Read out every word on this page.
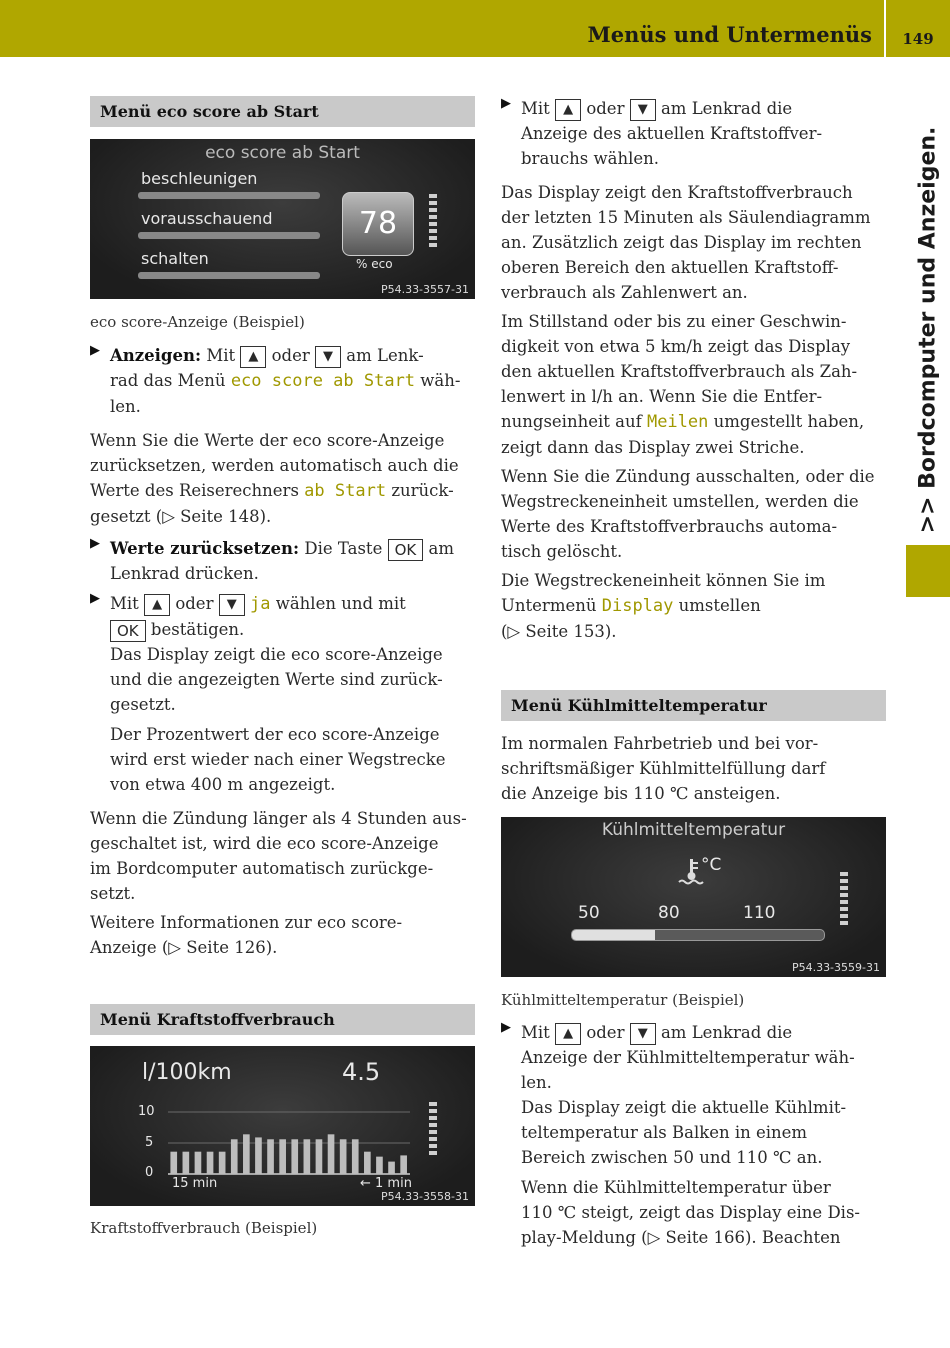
Menüs und Untermenüs	149
>> Bordcomputer und Anzeigen.
Menü eco score ab Start
eco score ab Start
beschleunigen
vorausschauend
schalten
78
% eco
P54.33-3557-31

eco score-Anzeige (Beispiel)

▶ Anzeigen: Mit ▲ oder ▼ am Lenk-

rad das Menü eco score ab Start wäh-

len.

Wenn Sie die Werte der eco score-Anzeige

zurücksetzen, werden automatisch auch die

Werte des Reiserechners ab Start zurück-

gesetzt (▷ Seite 148).

▶ Werte zurücksetzen: Die Taste OK am

Lenkrad drücken.

▶ Mit ▲ oder ▼ ja wählen und mit

OK bestätigen.

Das Display zeigt die eco score-Anzeige

und die angezeigten Werte sind zurück-

gesetzt.

Der Prozentwert der eco score-Anzeige

wird erst wieder nach einer Wegstrecke

von etwa 400 m angezeigt.

Wenn die Zündung länger als 4 Stunden aus-

geschaltet ist, wird die eco score-Anzeige

im Bordcomputer automatisch zurückge-

setzt.

Weitere Informationen zur eco score-

Anzeige (▷ Seite 126).

Menü Kraftstoffverbrauch
l/100km	4.5
10
5
0
15 min	← 1 min
P54.33-3558-31

Kraftstoffverbrauch (Beispiel)

▶ Mit ▲ oder ▼ am Lenkrad die

Anzeige des aktuellen Kraftstoffver-

brauchs wählen.

Das Display zeigt den Kraftstoffverbrauch

der letzten 15 Minuten als Säulendiagramm

an. Zusätzlich zeigt das Display im rechten

oberen Bereich den aktuellen Kraftstoff-

verbrauch als Zahlenwert an.

Im Stillstand oder bis zu einer Geschwin-

digkeit von etwa 5 km/h zeigt das Display

den aktuellen Kraftstoffverbrauch als Zah-

lenwert in l/h an. Wenn Sie die Entfer-

nungseinheit auf Meilen umgestellt haben,

zeigt dann das Display zwei Striche.

Wenn Sie die Zündung ausschalten, oder die

Wegstreckeneinheit umstellen, werden die

Werte des Kraftstoffverbrauchs automa-

tisch gelöscht.

Die Wegstreckeneinheit können Sie im

Untermenü Display umstellen

(▷ Seite 153).

Menü Kühlmitteltemperatur

Im normalen Fahrbetrieb und bei vor-

schriftsmäßiger Kühlmittelfüllung darf

die Anzeige bis 110 ℃ ansteigen.

Kühlmitteltemperatur
°C
50	80	110
P54.33-3559-31

Kühlmitteltemperatur (Beispiel)

▶ Mit ▲ oder ▼ am Lenkrad die

Anzeige der Kühlmitteltemperatur wäh-

len.

Das Display zeigt die aktuelle Kühlmit-

teltemperatur als Balken in einem

Bereich zwischen 50 und 110 ℃ an.

Wenn die Kühlmitteltemperatur über

110 ℃ steigt, zeigt das Display eine Dis-

play-Meldung (▷ Seite 166). Beachten
